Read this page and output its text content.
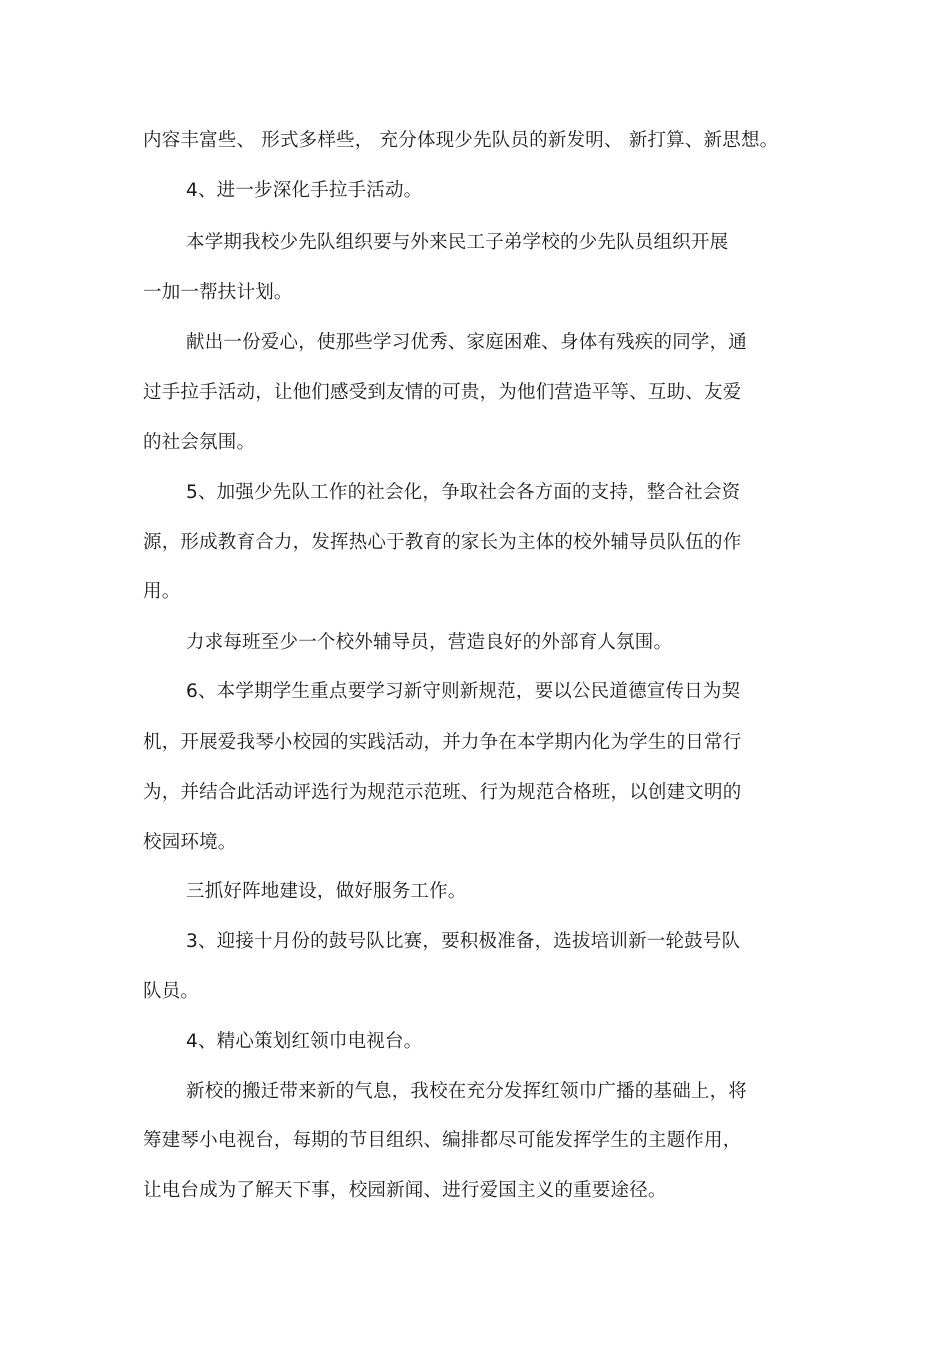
内容丰富些、 形式多样些， 充分体现少先队员的新发明、 新打算、新思想。
4、进一步深化手拉手活动。
本学期我校少先队组织要与外来民工子弟学校的少先队员组织开展
一加一帮扶计划。
献出一份爱心，使那些学习优秀、家庭困难、身体有残疾的同学，通
过手拉手活动，让他们感受到友情的可贵，为他们营造平等、互助、友爱
的社会氛围。
5、加强少先队工作的社会化，争取社会各方面的支持，整合社会资
源，形成教育合力，发挥热心于教育的家长为主体的校外辅导员队伍的作
用。
力求每班至少一个校外辅导员，营造良好的外部育人氛围。
6、本学期学生重点要学习新守则新规范，要以公民道德宣传日为契
机，开展爱我琴小校园的实践活动，并力争在本学期内化为学生的日常行
为，并结合此活动评选行为规范示范班、行为规范合格班，以创建文明的
校园环境。
三抓好阵地建设，做好服务工作。
3、迎接十月份的鼓号队比赛，要积极准备，选拔培训新一轮鼓号队
队员。
4、精心策划红领巾电视台。
新校的搬迁带来新的气息，我校在充分发挥红领巾广播的基础上，将
筹建琴小电视台，每期的节目组织、编排都尽可能发挥学生的主题作用，
让电台成为了解天下事，校园新闻、进行爱国主义的重要途径。
